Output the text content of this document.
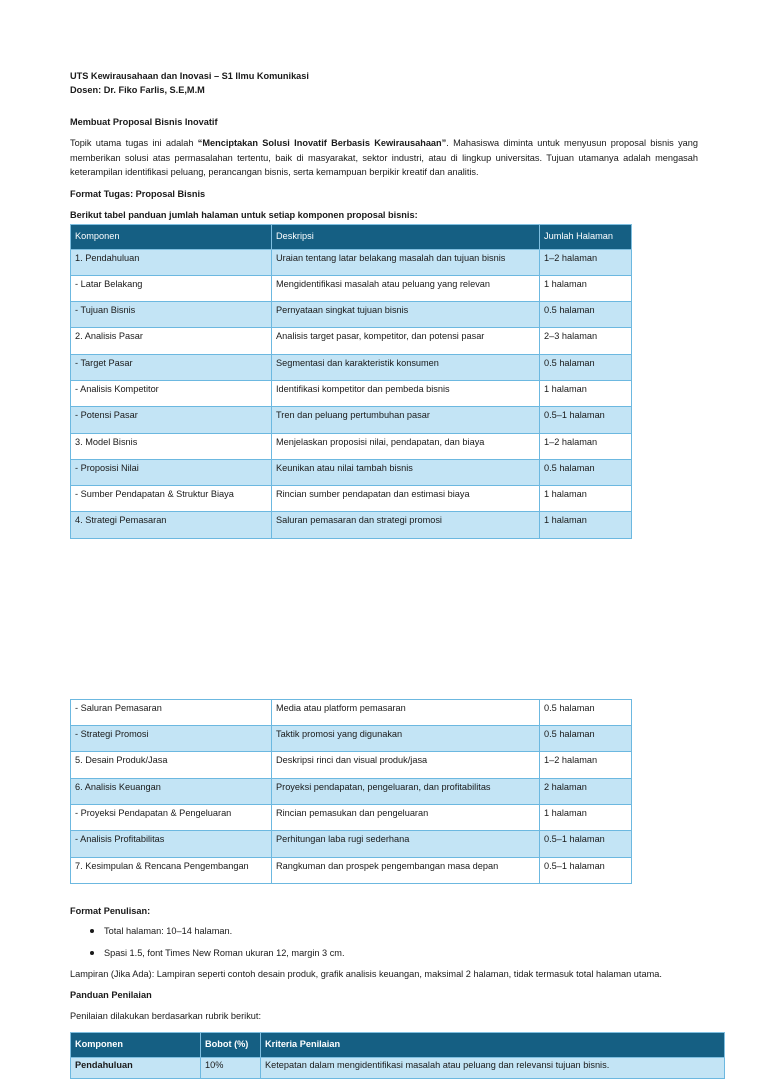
UTS Kewirausahaan dan Inovasi – S1 Ilmu Komunikasi
Dosen: Dr. Fiko Farlis, S.E,M.M
Membuat Proposal Bisnis Inovatif

Topik utama tugas ini adalah “Menciptakan Solusi Inovatif Berbasis Kewirausahaan”. Mahasiswa diminta untuk menyusun proposal bisnis yang memberikan solusi atas permasalahan tertentu, baik di masyarakat, sektor industri, atau di lingkup universitas. Tujuan utamanya adalah mengasah keterampilan identifikasi peluang, perancangan bisnis, serta kemampuan berpikir kreatif dan analitis.

Format Tugas: Proposal Bisnis
Berikut tabel panduan jumlah halaman untuk setiap komponen proposal bisnis:
Komponen	Deskripsi	Jumlah Halaman
1. Pendahuluan	Uraian tentang latar belakang masalah dan tujuan bisnis	1–2 halaman
- Latar Belakang	Mengidentifikasi masalah atau peluang yang relevan	1 halaman
- Tujuan Bisnis	Pernyataan singkat tujuan bisnis	0.5 halaman
2. Analisis Pasar	Analisis target pasar, kompetitor, dan potensi pasar	2–3 halaman
- Target Pasar	Segmentasi dan karakteristik konsumen	0.5 halaman
- Analisis Kompetitor	Identifikasi kompetitor dan pembeda bisnis	1 halaman
- Potensi Pasar	Tren dan peluang pertumbuhan pasar	0.5–1 halaman
3. Model Bisnis	Menjelaskan proposisi nilai, pendapatan, dan biaya	1–2 halaman
- Proposisi Nilai	Keunikan atau nilai tambah bisnis	0.5 halaman
- Sumber Pendapatan & Struktur Biaya	Rincian sumber pendapatan dan estimasi biaya	1 halaman
4. Strategi Pemasaran	Saluran pemasaran dan strategi promosi	1 halaman
- Saluran Pemasaran	Media atau platform pemasaran	0.5 halaman
- Strategi Promosi	Taktik promosi yang digunakan	0.5 halaman
5. Desain Produk/Jasa	Deskripsi rinci dan visual produk/jasa	1–2 halaman
6. Analisis Keuangan	Proyeksi pendapatan, pengeluaran, dan profitabilitas	2 halaman
- Proyeksi Pendapatan & Pengeluaran	Rincian pemasukan dan pengeluaran	1 halaman
- Analisis Profitabilitas	Perhitungan laba rugi sederhana	0.5–1 halaman
7. Kesimpulan & Rencana Pengembangan	Rangkuman dan prospek pengembangan masa depan	0.5–1 halaman
Format Penulisan:
Total halaman: 10–14 halaman.
Spasi 1.5, font Times New Roman ukuran 12, margin 3 cm.

Lampiran (Jika Ada): Lampiran seperti contoh desain produk, grafik analisis keuangan, maksimal 2 halaman, tidak termasuk total halaman utama.

Panduan Penilaian

Penilaian dilakukan berdasarkan rubrik berikut:

Komponen	Bobot (%)	Kriteria Penilaian
Pendahuluan	10%	Ketepatan dalam mengidentifikasi masalah atau peluang dan relevansi tujuan bisnis.
